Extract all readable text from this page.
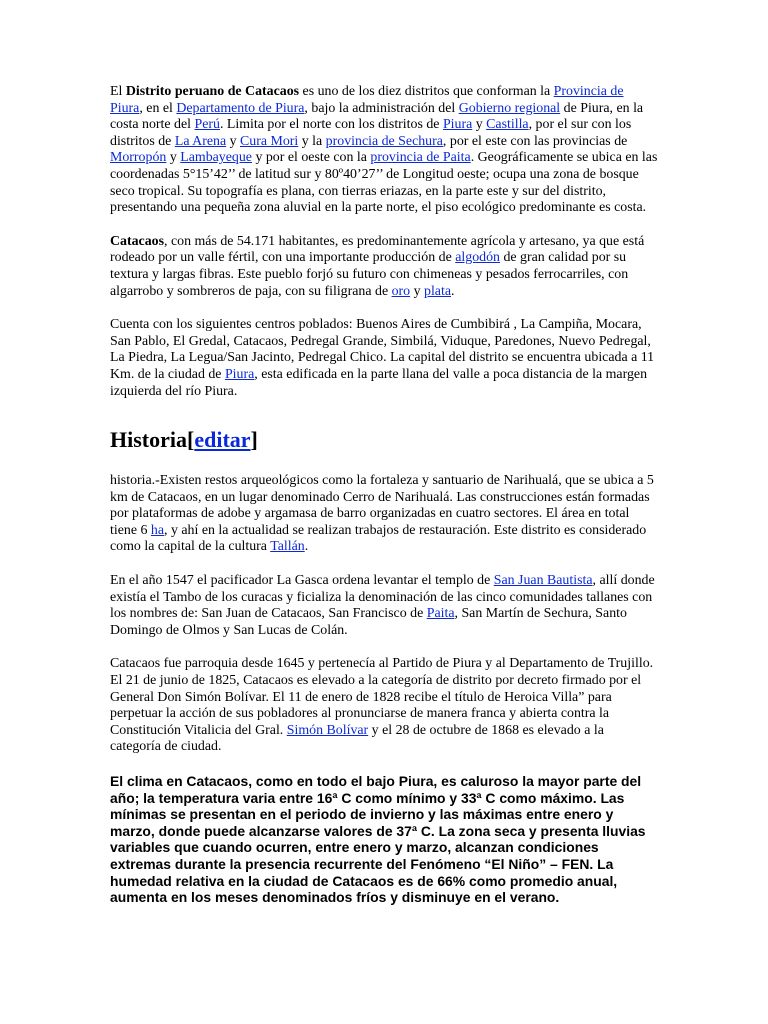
El Distrito peruano de Catacaos es uno de los diez distritos que conforman la Provincia de Piura, en el Departamento de Piura, bajo la administración del Gobierno regional de Piura, en la costa norte del Perú. Limita por el norte con los distritos de Piura y Castilla, por el sur con los distritos de La Arena y Cura Mori y la provincia de Sechura, por el este con las provincias de Morropón y Lambayeque y por el oeste con la provincia de Paita. Geográficamente se ubica en las coordenadas 5°15’42’’ de latitud sur y 80º40’27’’ de Longitud oeste; ocupa una zona de bosque seco tropical. Su topografía es plana, con tierras eriazas, en la parte este y sur del distrito, presentando una pequeña zona aluvial en la parte norte, el piso ecológico predominante es costa.

Catacaos, con más de 54.171 habitantes, es predominantemente agrícola y artesano, ya que está rodeado por un valle fértil, con una importante producción de algodón de gran calidad por su textura y largas fibras. Este pueblo forjó su futuro con chimeneas y pesados ferrocarriles, con algarrobo y sombreros de paja, con su filigrana de oro y plata.

Cuenta con los siguientes centros poblados: Buenos Aires de Cumbibirá , La Campiña, Mocara, San Pablo, El Gredal, Catacaos, Pedregal Grande, Simbilá, Viduque, Paredones, Nuevo Pedregal, La Piedra, La Legua/San Jacinto, Pedregal Chico. La capital del distrito se encuentra ubicada a 11 Km. de la ciudad de Piura, esta edificada en la parte llana del valle a poca distancia de la margen izquierda del río Piura.

Historia[editar]

historia.-Existen restos arqueológicos como la fortaleza y santuario de Narihualá, que se ubica a 5 km de Catacaos, en un lugar denominado Cerro de Narihualá. Las construcciones están formadas por plataformas de adobe y argamasa de barro organizadas en cuatro sectores. El área en total tiene 6 ha, y ahí en la actualidad se realizan trabajos de restauración. Este distrito es considerado como la capital de la cultura Tallán.

En el año 1547 el pacificador La Gasca ordena levantar el templo de San Juan Bautista, allí donde existía el Tambo de los curacas y ficializa la denominación de las cinco comunidades tallanes con los nombres de: San Juan de Catacaos, San Francisco de Paita, San Martín de Sechura, Santo Domingo de Olmos y San Lucas de Colán.

Catacaos fue parroquia desde 1645 y pertenecía al Partido de Piura y al Departamento de Trujillo. El 21 de junio de 1825, Catacaos es elevado a la categoría de distrito por decreto firmado por el General Don Simón Bolívar. El 11 de enero de 1828 recibe el título de Heroica Villa” para perpetuar la acción de sus pobladores al pronunciarse de manera franca y abierta contra la Constitución Vitalicia del Gral. Simón Bolívar y el 28 de octubre de 1868 es elevado a la categoría de ciudad.

El clima en Catacaos, como en todo el bajo Piura, es caluroso la mayor parte del año; la temperatura varia entre 16ª C como mínimo y 33ª C como máximo. Las mínimas se presentan en el periodo de invierno y las máximas entre enero y marzo, donde puede alcanzarse valores de 37ª C. La zona seca y presenta lluvias variables que cuando ocurren, entre enero y marzo, alcanzan condiciones extremas durante la presencia recurrente del Fenómeno “El Niño” – FEN. La humedad relativa en la ciudad de Catacaos es de 66% como promedio anual, aumenta en los meses denominados fríos y disminuye en el verano.
